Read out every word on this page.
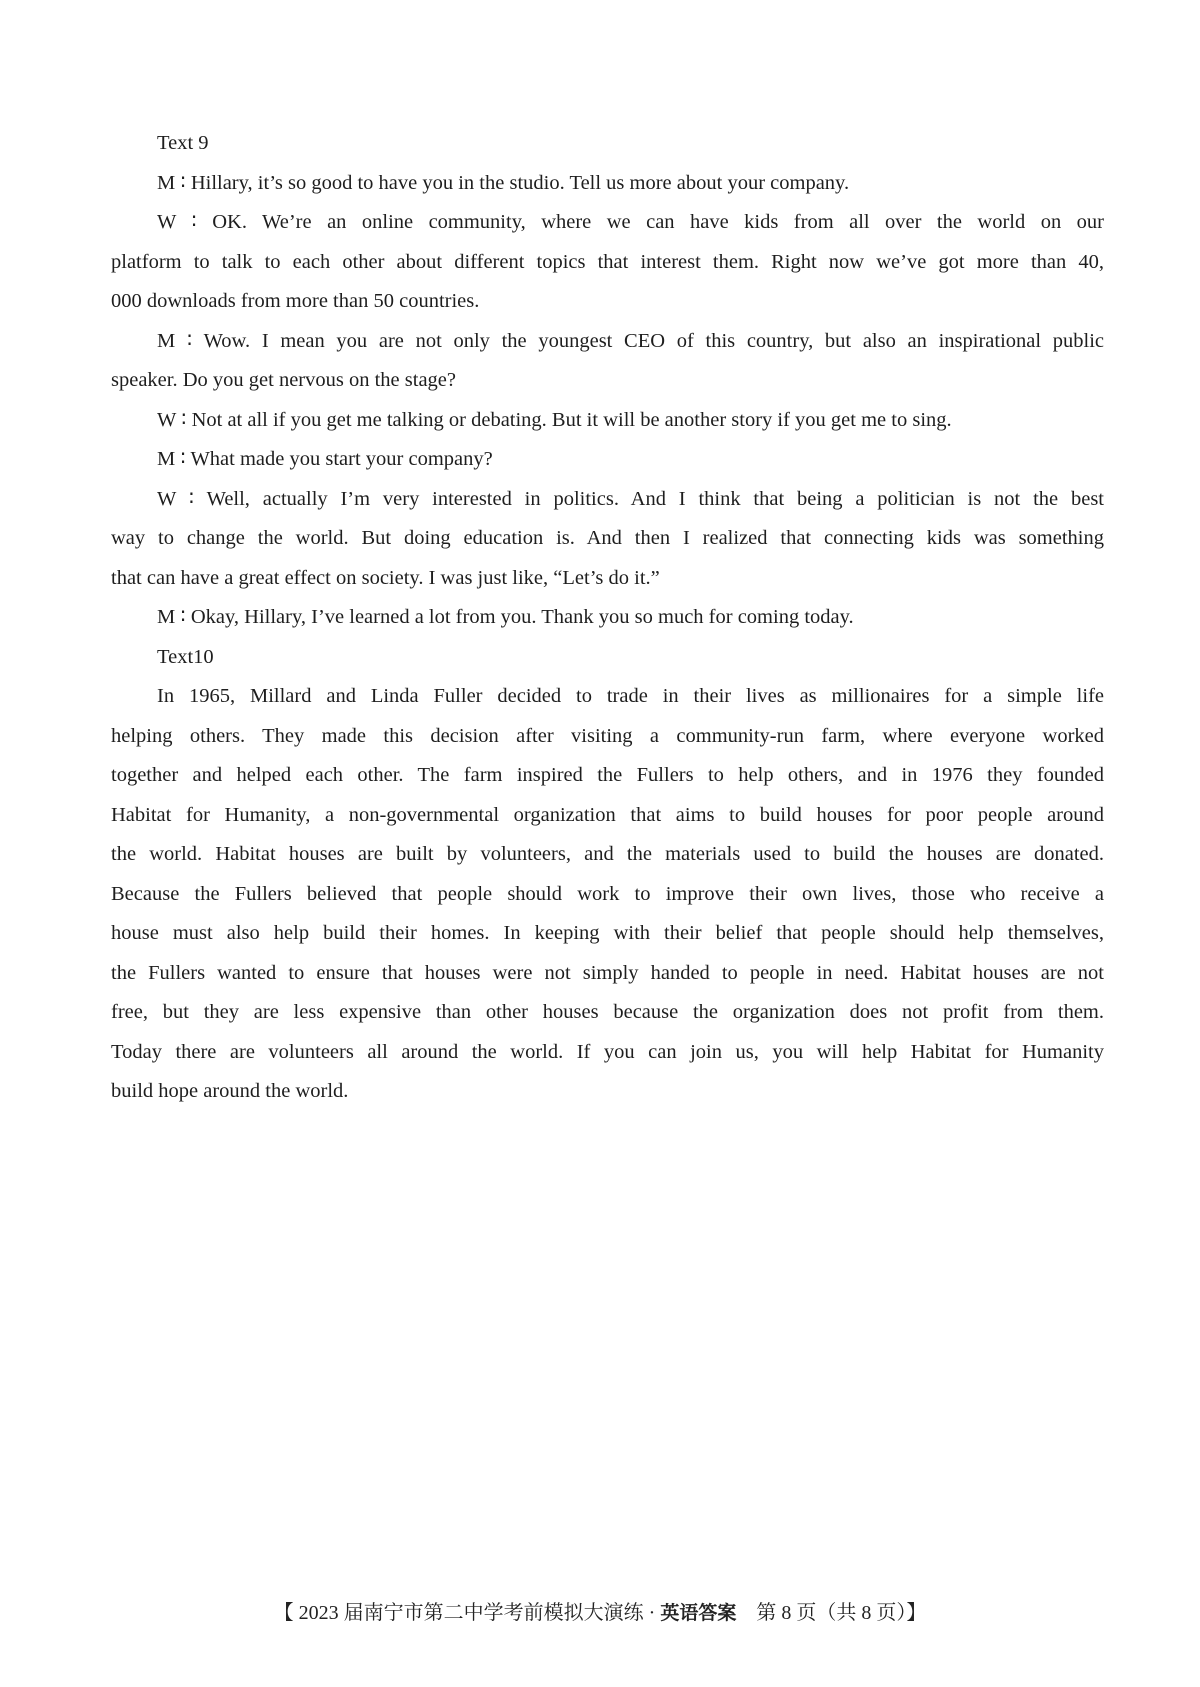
Text 9
M ∶ Hillary, it’s so good to have you in the studio. Tell us more about your company.
W ∶ OK. We’re an online community, where we can have kids from all over the world on our
platform to talk to each other about different topics that interest them. Right now we’ve got more than 40,
000 downloads from more than 50 countries.
M ∶ Wow. I mean you are not only the youngest CEO of this country, but also an inspirational public
speaker. Do you get nervous on the stage?
W ∶ Not at all if you get me talking or debating. But it will be another story if you get me to sing.
M ∶ What made you start your company?
W ∶ Well, actually I’m very interested in politics. And I think that being a politician is not the best
way to change the world. But doing education is. And then I realized that connecting kids was something
that can have a great effect on society. I was just like, “Let’s do it.”
M ∶ Okay, Hillary, I’ve learned a lot from you. Thank you so much for coming today.
Text10
In 1965, Millard and Linda Fuller decided to trade in their lives as millionaires for a simple life
helping others. They made this decision after visiting a community-run farm, where everyone worked
together and helped each other. The farm inspired the Fullers to help others, and in 1976 they founded
Habitat for Humanity, a non-governmental organization that aims to build houses for poor people around
the world. Habitat houses are built by volunteers, and the materials used to build the houses are donated.
Because the Fullers believed that people should work to improve their own lives, those who receive a
house must also help build their homes. In keeping with their belief that people should help themselves,
the Fullers wanted to ensure that houses were not simply handed to people in need. Habitat houses are not
free, but they are less expensive than other houses because the organization does not profit from them.
Today there are volunteers all around the world. If you can join us, you will help Habitat for Humanity
build hope around the world.
【 2023 届南宁市第二中学考前模拟大演练 · 英语答案　第 8 页（共 8 页）】
